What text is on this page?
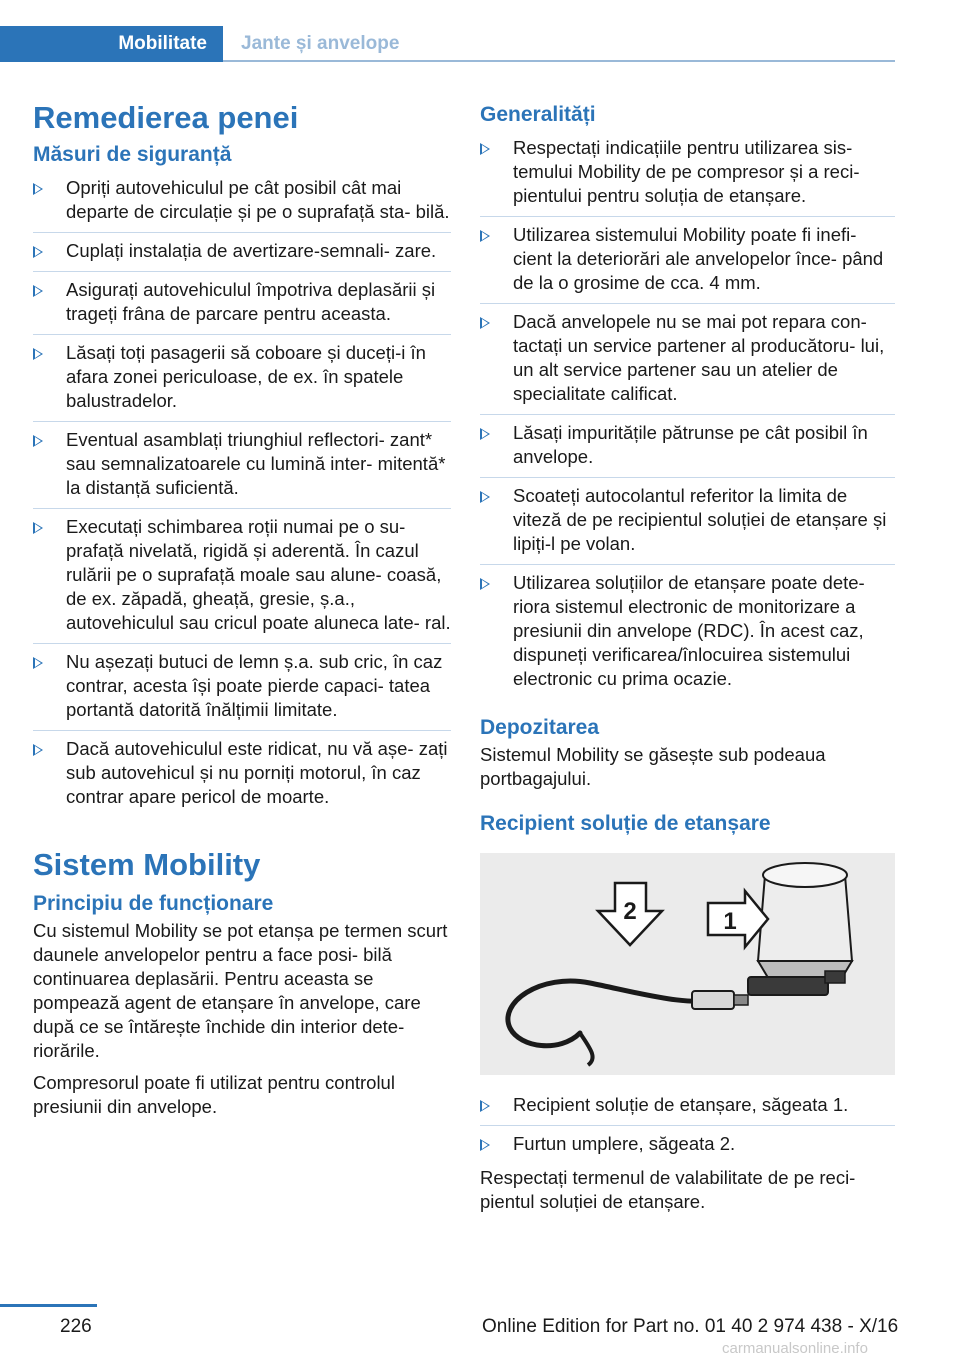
Mobilitate	Jante și anvelope
Remedierea penei
Măsuri de siguranță
Opriți autovehiculul pe cât posibil cât mai departe de circulație și pe o suprafață sta‐ bilă.
Cuplați instalația de avertizare-semnali‐ zare.
Asigurați autovehiculul împotriva deplasării și trageți frâna de parcare pentru aceasta.
Lăsați toți pasagerii să coboare și duceți-i în afara zonei periculoase, de ex. în spatele balustradelor.
Eventual asamblați triunghiul reflectori‐ zant* sau semnalizatoarele cu lumină inter‐ mitentă* la distanță suficientă.
Executați schimbarea roții numai pe o su‐ prafață nivelată, rigidă și aderentă. În cazul rulării pe o suprafață moale sau alune‐ coasă, de ex. zăpadă, gheață, gresie, ș.a., autovehiculul sau cricul poate aluneca late‐ ral.
Nu așezați butuci de lemn ș.a. sub cric, în caz contrar, acesta își poate pierde capaci‐ tatea portantă datorită înălțimii limitate.
Dacă autovehiculul este ridicat, nu vă așe‐ zați sub autovehicul și nu porniți motorul, în caz contrar apare pericol de moarte.
Sistem Mobility
Principiu de funcționare

Cu sistemul Mobility se pot etanșa pe termen scurt daunele anvelopelor pentru a face posi‐ bilă continuarea deplasării. Pentru aceasta se pompează agent de etanșare în anvelope, care după ce se întărește închide din interior dete‐ riorările.

Compresorul poate fi utilizat pentru controlul presiunii din anvelope.

Generalități
Respectați indicațiile pentru utilizarea sis‐ temului Mobility de pe compresor și a reci‐ pientului pentru soluția de etanșare.
Utilizarea sistemului Mobility poate fi inefi‐ cient la deteriorări ale anvelopelor înce‐ pând de la o grosime de cca. 4 mm.
Dacă anvelopele nu se mai pot repara con‐ tactați un service partener al producătoru‐ lui, un alt service partener sau un atelier de specialitate calificat.
Lăsați impuritățile pătrunse pe cât posibil în anvelope.
Scoateți autocolantul referitor la limita de viteză de pe recipientul soluției de etanșare și lipiți-l pe volan.
Utilizarea soluțiilor de etanșare poate dete‐ riora sistemul electronic de monitorizare a presiunii din anvelope (RDC). În acest caz, dispuneți verificarea/înlocuirea sistemului electronic cu prima ocazie.
Depozitarea

Sistemul Mobility se găsește sub podeaua portbagajului.

Recipient soluție de etanșare
1
2
Recipient soluție de etanșare, săgeata 1.
Furtun umplere, săgeata 2.

Respectați termenul de valabilitate de pe reci‐ pientul soluției de etanșare.

226	Online Edition for Part no. 01 40 2 974 438 - X/16
carmanualsonline.info
